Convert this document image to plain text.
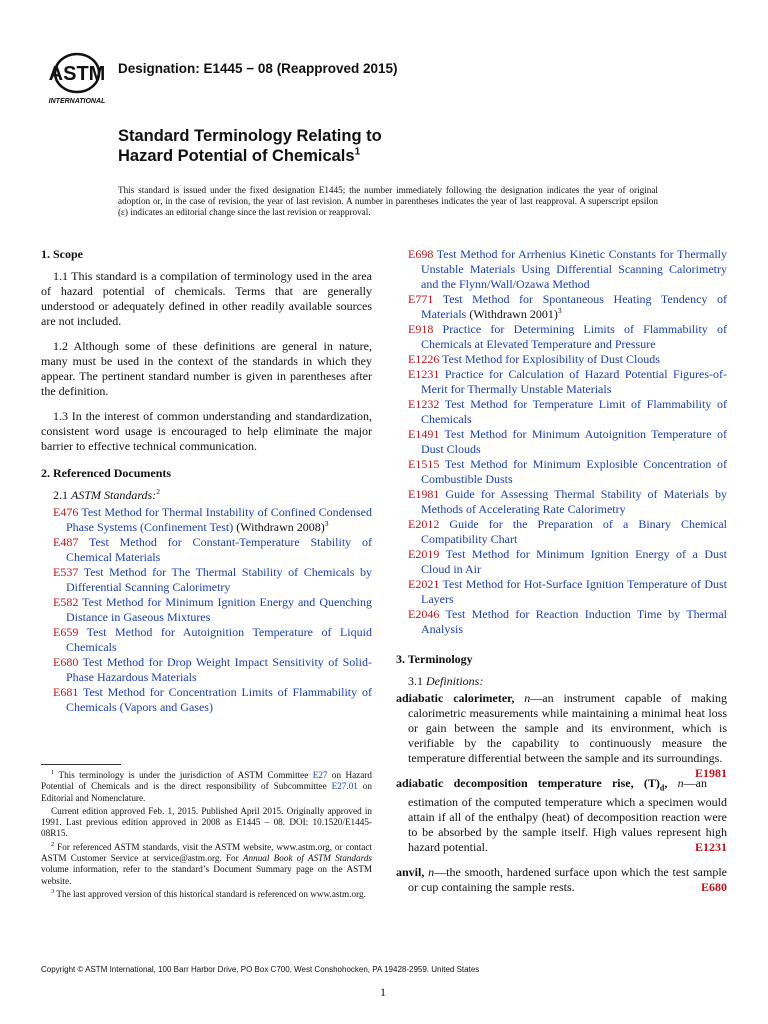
ASTM
INTERNATIONAL
Designation: E1445 − 08 (Reapproved 2015)
Standard Terminology Relating to
Hazard Potential of Chemicals$^1$
This standard is issued under the fixed designation E1445; the number immediately following the designation indicates the year of original adoption or, in the case of revision, the year of last revision. A number in parentheses indicates the year of last reapproval. A superscript epsilon (ε) indicates an editorial change since the last revision or reapproval.

1. Scope

1.1 This standard is a compilation of terminology used in the area of hazard potential of chemicals. Terms that are generally understood or adequately defined in other readily available sources are not included.

1.2 Although some of these definitions are general in nature, many must be used in the context of the standards in which they appear. The pertinent standard number is given in parentheses after the definition.

1.3 In the interest of common understanding and standardization, consistent word usage is encouraged to help eliminate the major barrier to effective technical communication.

2. Referenced Documents

2.1 ASTM Standards:$^2$

E476 Test Method for Thermal Instability of Confined Condensed Phase Systems (Confinement Test) (Withdrawn 2008)$^3$

E487 Test Method for Constant-Temperature Stability of Chemical Materials

E537 Test Method for The Thermal Stability of Chemicals by Differential Scanning Calorimetry

E582 Test Method for Minimum Ignition Energy and Quenching Distance in Gaseous Mixtures

E659 Test Method for Autoignition Temperature of Liquid Chemicals

E680 Test Method for Drop Weight Impact Sensitivity of Solid-Phase Hazardous Materials

E681 Test Method for Concentration Limits of Flammability of Chemicals (Vapors and Gases)

$^1$ This terminology is under the jurisdiction of ASTM Committee E27 on Hazard Potential of Chemicals and is the direct responsibility of Subcommittee E27.01 on Editorial and Nomenclature.

Current edition approved Feb. 1, 2015. Published April 2015. Originally approved in 1991. Last previous edition approved in 2008 as E1445 – 08. DOI: 10.1520/E1445-08R15.

$^2$ For referenced ASTM standards, visit the ASTM website, www.astm.org, or contact ASTM Customer Service at service@astm.org. For Annual Book of ASTM Standards volume information, refer to the standard’s Document Summary page on the ASTM website.

$^3$ The last approved version of this historical standard is referenced on www.astm.org.

E698 Test Method for Arrhenius Kinetic Constants for Thermally Unstable Materials Using Differential Scanning Calorimetry and the Flynn/Wall/Ozawa Method

E771 Test Method for Spontaneous Heating Tendency of Materials (Withdrawn 2001)$^3$

E918 Practice for Determining Limits of Flammability of Chemicals at Elevated Temperature and Pressure

E1226 Test Method for Explosibility of Dust Clouds

E1231 Practice for Calculation of Hazard Potential Figures-of-Merit for Thermally Unstable Materials

E1232 Test Method for Temperature Limit of Flammability of Chemicals

E1491 Test Method for Minimum Autoignition Temperature of Dust Clouds

E1515 Test Method for Minimum Explosible Concentration of Combustible Dusts

E1981 Guide for Assessing Thermal Stability of Materials by Methods of Accelerating Rate Calorimetry

E2012 Guide for the Preparation of a Binary Chemical Compatibility Chart

E2019 Test Method for Minimum Ignition Energy of a Dust Cloud in Air

E2021 Test Method for Hot-Surface Ignition Temperature of Dust Layers

E2046 Test Method for Reaction Induction Time by Thermal Analysis

3. Terminology

3.1 Definitions:

adiabatic calorimeter, n—an instrument capable of making calorimetric measurements while maintaining a minimal heat loss or gain between the sample and its environment, which is verifiable by the capability to continuously measure the temperature differential between the sample and its surroundings.
E1981

adiabatic decomposition temperature rise, $(T)_d$, n—an estimation of the computed temperature which a specimen would attain if all of the enthalpy (heat) of decomposition reaction were to be absorbed by the sample itself. High values represent high hazard potential.	E1231

anvil, n—the smooth, hardened surface upon which the test sample or cup containing the sample rests.	E680

Copyright © ASTM International, 100 Barr Harbor Drive, PO Box C700, West Conshohocken, PA 19428-2959. United States
1
